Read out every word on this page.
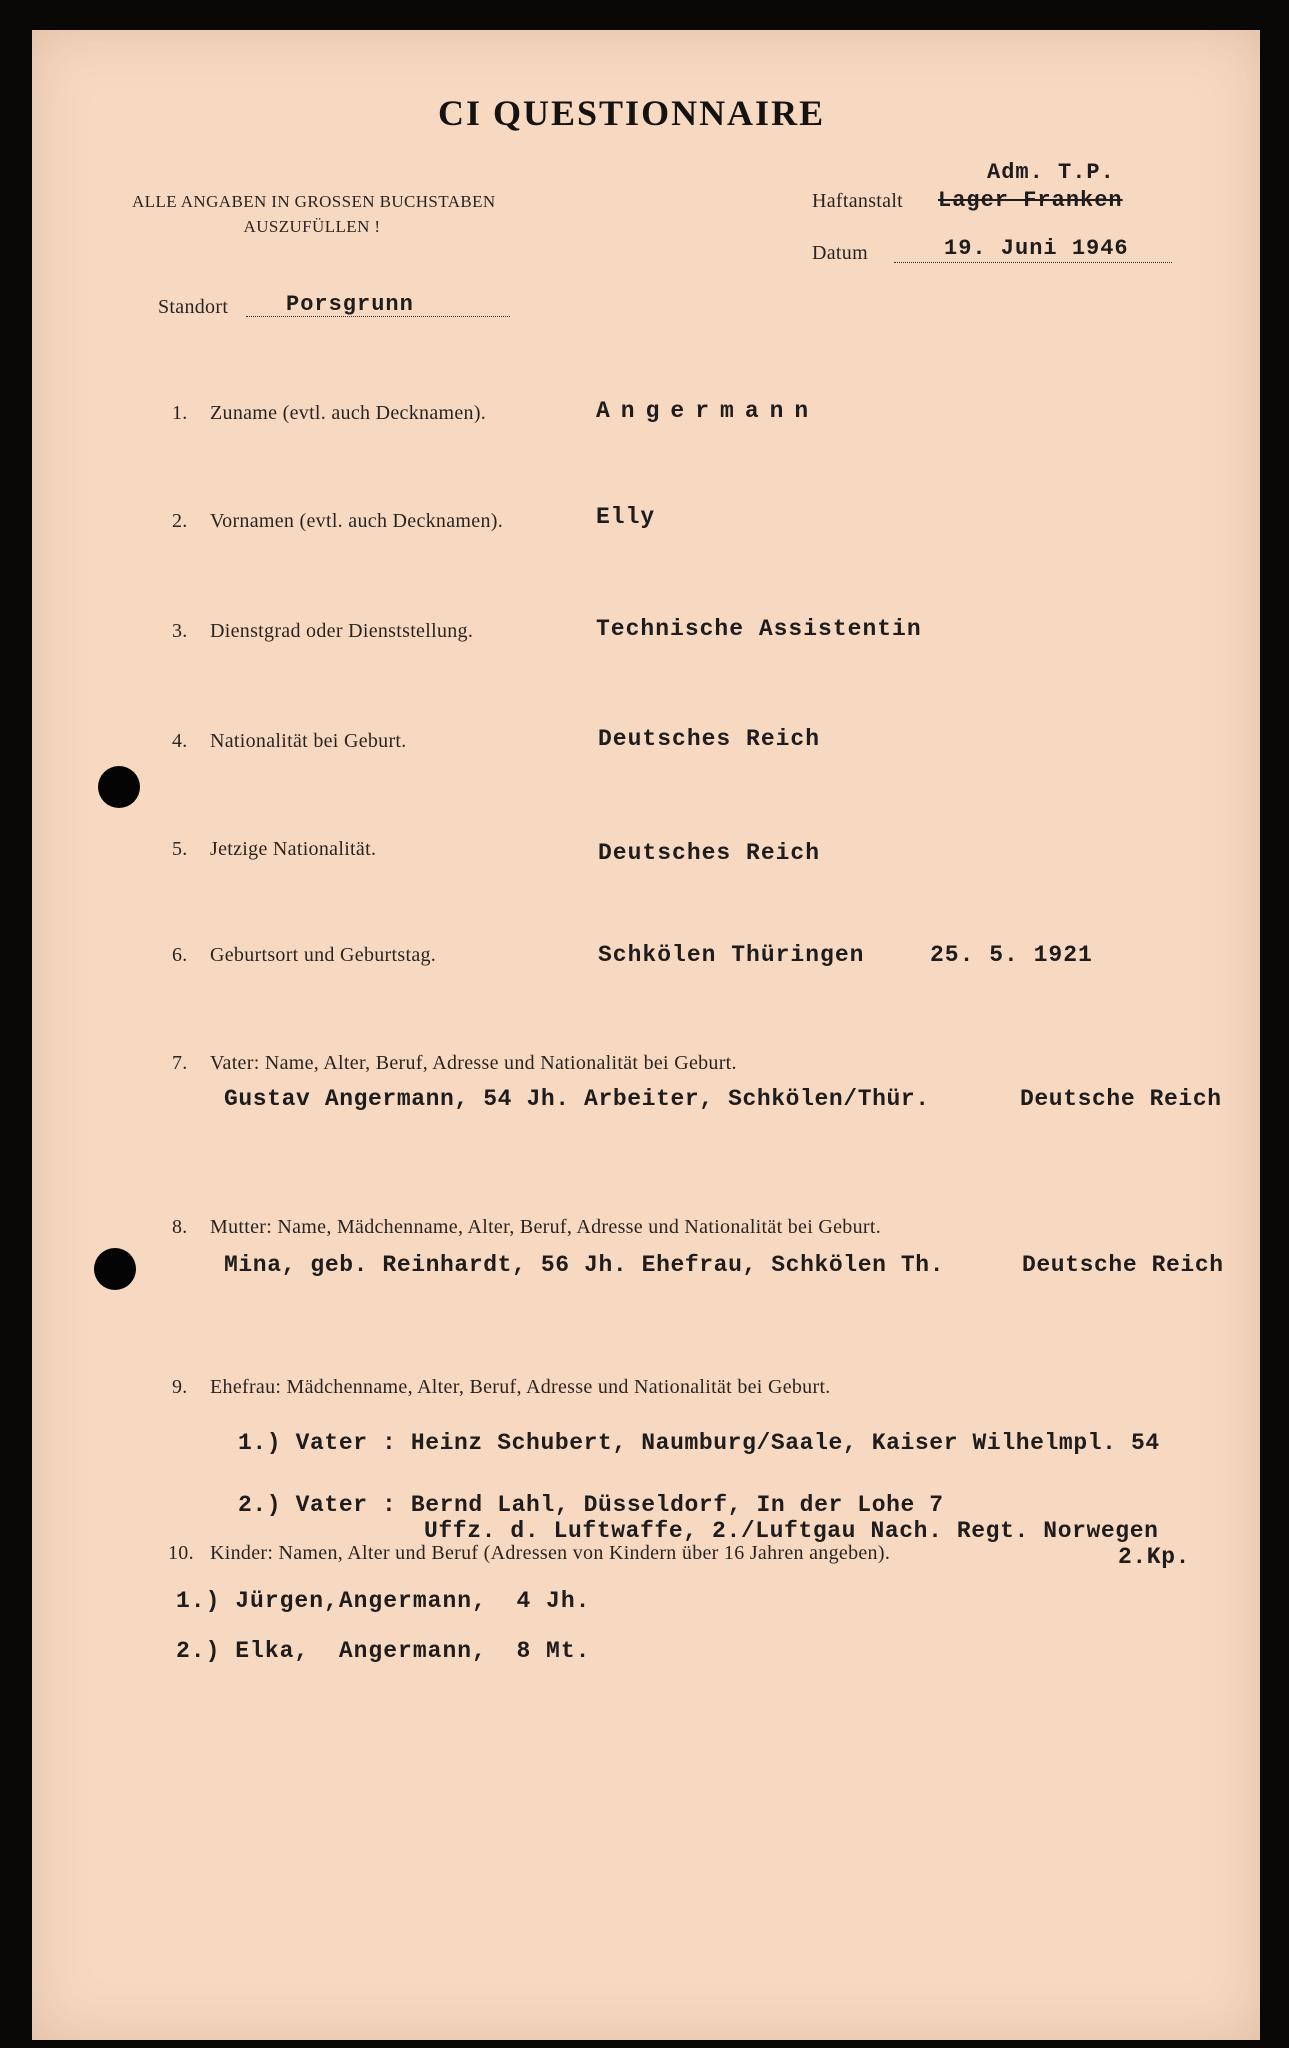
CI QUESTIONNAIRE
ALLE ANGABEN IN GROSSEN BUCHSTABEN
AUSZUFÜLLEN !
Adm. T.P.
Haftanstalt Lager Franken
Datum	19. Juni 1946
Standort	Porsgrunn
1. Zuname (evtl. auch Decknamen).	Angermann
2. Vornamen (evtl. auch Decknamen).	Elly
3. Dienstgrad oder Dienststellung.	Technische Assistentin
4. Nationalität bei Geburt.	Deutsches Reich
5. Jetzige Nationalität.	Deutsches Reich
6. Geburtsort und Geburtstag.	Schkölen Thüringen	25. 5. 1921
7. Vater: Name, Alter, Beruf, Adresse und Nationalität bei Geburt.
Gustav Angermann, 54 Jh. Arbeiter, Schkölen/Thür.	Deutsche Reich
8. Mutter: Name, Mädchenname, Alter, Beruf, Adresse und Nationalität bei Geburt.
Mina, geb. Reinhardt, 56 Jh. Ehefrau, Schkölen Th.	Deutsche Reich
9. Ehefrau: Mädchenname, Alter, Beruf, Adresse und Nationalität bei Geburt.
1.) Vater : Heinz Schubert, Naumburg/Saale, Kaiser Wilhelmpl. 54
2.) Vater : Bernd Lahl, Düsseldorf, In der Lohe 7
Uffz. d. Luftwaffe, 2./Luftgau Nach. Regt. Norwegen
2.Kp.
10. Kinder: Namen, Alter und Beruf (Adressen von Kindern über 16 Jahren angeben).
1.) Jürgen,Angermann,  4 Jh.
2.) Elka,  Angermann,  8 Mt.
